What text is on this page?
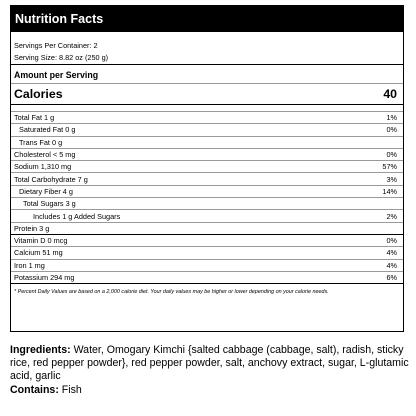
Nutrition Facts
Servings Per Container: 2
Serving Size: 8.82 oz (250 g)
Amount per Serving
Calories	40
Total Fat 1 g	1%
Saturated Fat 0 g	0%
Trans Fat 0 g
Cholesterol < 5 mg	0%
Sodium 1,310 mg	57%
Total Carbohydrate 7 g	3%
Dietary Fiber 4 g	14%
Total Sugars 3 g
Includes 1 g Added Sugars	2%
Protein 3 g
Vitamin D 0 mcg	0%
Calcium 51 mg	4%
Iron 1 mg	4%
Potassium 294 mg	6%
* Percent Daily Values are based on a 2,000 calorie diet. Your daily values may be higher or lower depending on your calorie needs.

Ingredients: Water, Omogary Kimchi {salted cabbage (cabbage, salt), radish, sticky rice, red pepper powder}, red pepper powder, salt, anchovy extract, sugar, L-glutamic acid, garlic

Contains: Fish
